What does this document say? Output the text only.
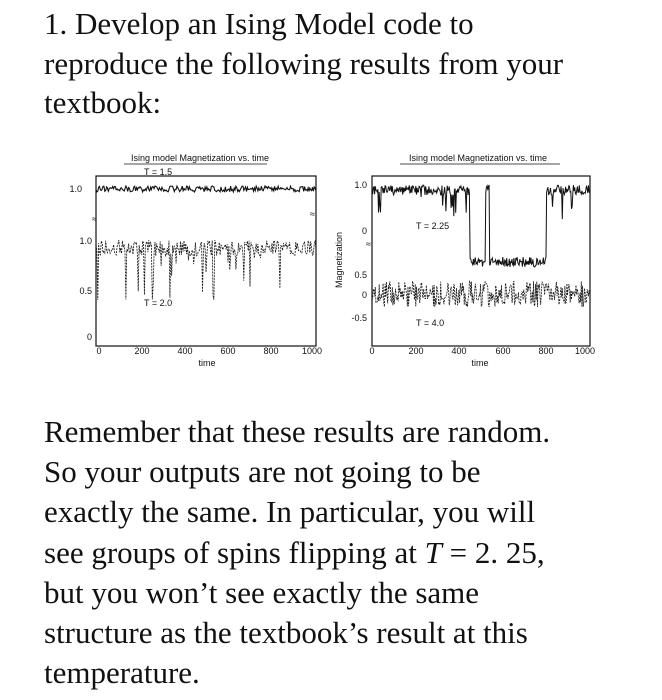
1. Develop an Ising Model code to
reproduce the following results from your
textbook:
Ising model Magnetization vs. time
≈	≈
T = 1.5
T = 2.0
1.0
1.0
0.5
0
0	200	400	600	800	1000
time
Ising model Magnetization vs. time
≈
T = 2.25
T = 4.0
Magnetization
1.0
0
0.5
0
-0.5
0	200	400	600	800 1000
time
Remember that these results are random.
So your outputs are not going to be
exactly the same. In particular, you will
see groups of spins flipping at T = 2. 25,
but you won’t see exactly the same
structure as the textbook’s result at this
temperature.
